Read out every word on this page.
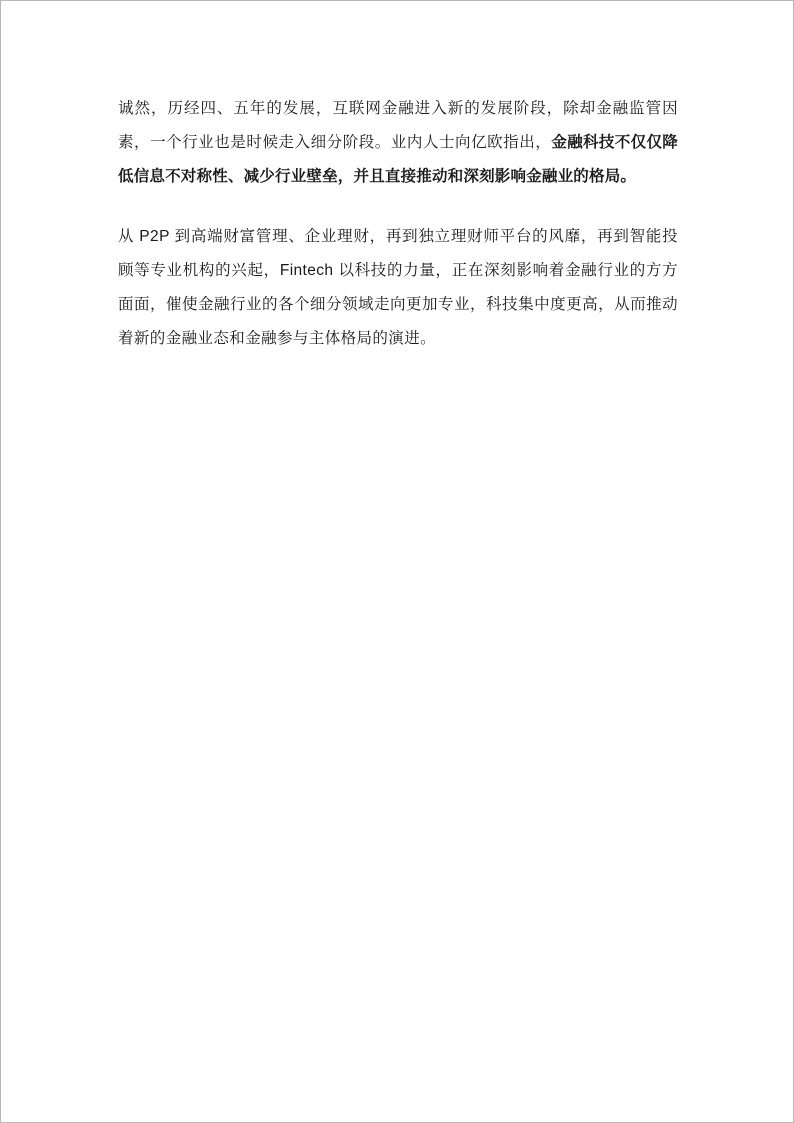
诚然，历经四、五年的发展，互联网金融进入新的发展阶段，除却金融监管因素，一个行业也是时候走入细分阶段。业内人士向亿欧指出，金融科技不仅仅降低信息不对称性、减少行业壁垒，并且直接推动和深刻影响金融业的格局。

从 P2P 到高端财富管理、企业理财，再到独立理财师平台的风靡，再到智能投顾等专业机构的兴起，Fintech 以科技的力量，正在深刻影响着金融行业的方方面面，催使金融行业的各个细分领域走向更加专业，科技集中度更高，从而推动着新的金融业态和金融参与主体格局的演进。
